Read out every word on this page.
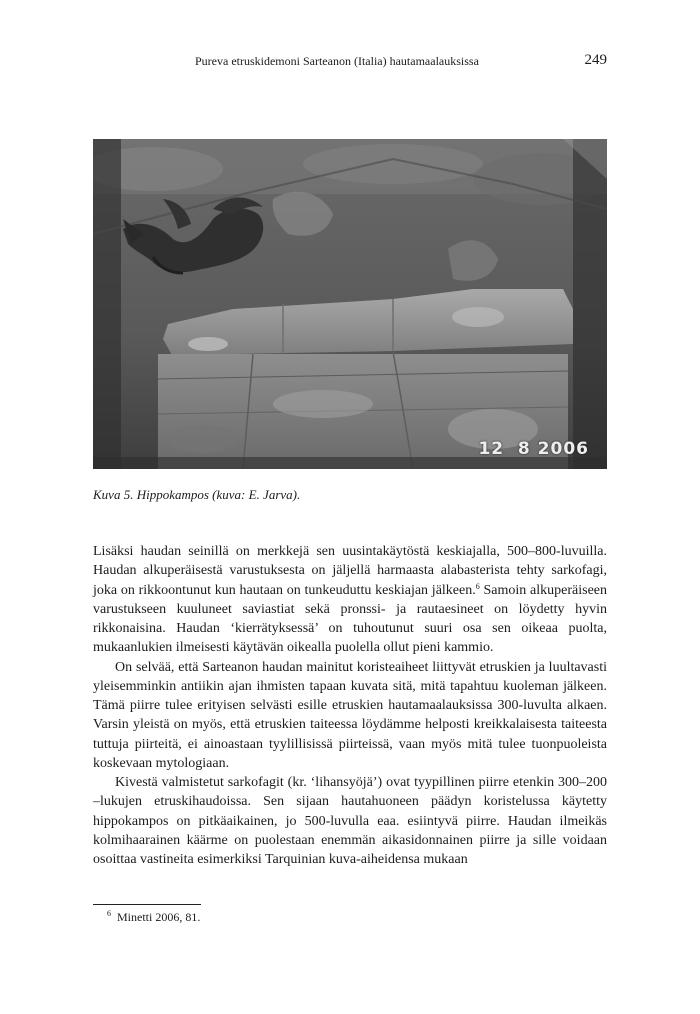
Pureva etruskidemoni Sarteanon (Italia) hautamaalauksissa	249
12  8 2006
Kuva 5. Hippokampos (kuva: E. Jarva).

Lisäksi haudan seinillä on merkkejä sen uusintakäytöstä keskiajalla, 500–800-luvuilla. Haudan alkuperäisestä varustuksesta on jäljellä harmaasta alabasterista tehty sarkofagi, joka on rikkoontunut kun hautaan on tunkeuduttu keskiajan jälkeen.$^6$ Samoin alkuperäiseen varustukseen kuuluneet saviastiat sekä pronssi- ja rautaesineet on löydetty hyvin rikkonaisina. Haudan ‘kierrätyksessä’ on tuhoutunut suuri osa sen oikeaa puolta, mukaanlukien ilmeisesti käytävän oikealla puolella ollut pieni kammio.

On selvää, että Sarteanon haudan mainitut koristeaiheet liittyvät etruskien ja luultavasti yleisemminkin antiikin ajan ihmisten tapaan kuvata sitä, mitä tapahtuu kuoleman jälkeen. Tämä piirre tulee erityisen selvästi esille etruskien hautamaalauksissa 300-luvulta alkaen. Varsin yleistä on myös, että etruskien taiteessa löydämme helposti kreikkalaisesta taiteesta tuttuja piirteitä, ei ainoastaan tyylillisissä piirteissä, vaan myös mitä tulee tuonpuoleista koskevaan mytologiaan.

Kivestä valmistetut sarkofagit (kr. ‘lihansyöjä’) ovat tyypillinen piirre etenkin 300–200 –lukujen etruskihaudoissa. Sen sijaan hautahuoneen päädyn koristelussa käytetty hippokampos on pitkäaikainen, jo 500-luvulla eaa. esiintyvä piirre. Haudan ilmeikäs kolmihaarainen käärme on puolestaan enemmän aikasidonnainen piirre ja sille voidaan osoittaa vastineita esimerkiksi Tarquinian kuva-aiheidensa mukaan

$^6$ Minetti 2006, 81.
